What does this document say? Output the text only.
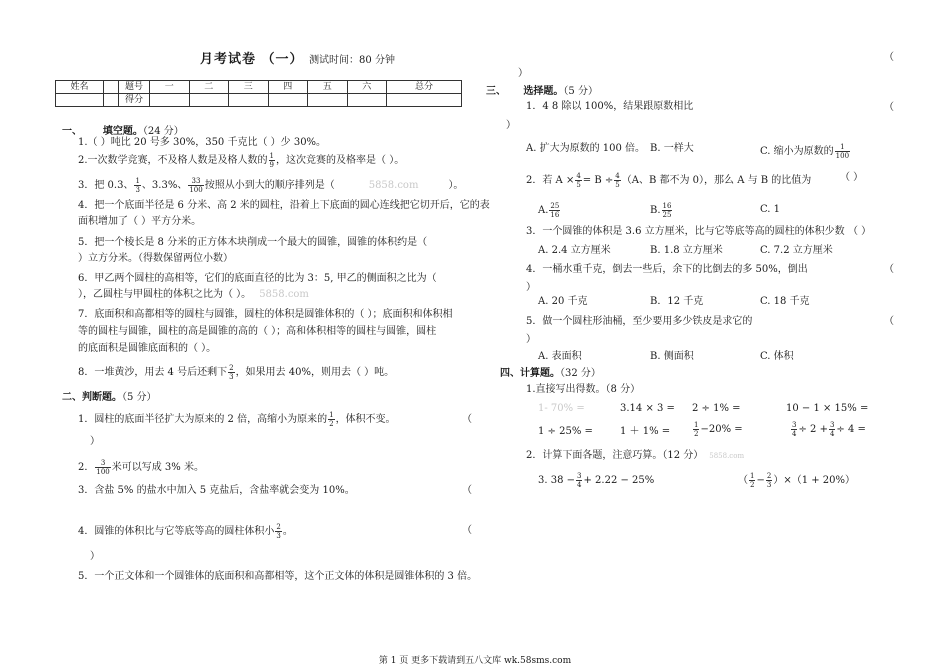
月考试卷 （一） 测试时间：80 分钟
姓名		题号	一	二	三	四	五	六	总分
		得分							
一、 填空题。（24 分）
1.（ ）吨比 20 号多 30%，350 千克比（ ）少 30%。
2.一次数学竞赛，不及格人数是及格人数的 $\frac{1}{9}$ ，这次竞赛的及格率是（ ）。
3．把 0.3、 $\frac{1}{3}$ 、3.3%、 $\frac{33}{100}$ 按照从小到大的顺序排列是（	5858.com	）。
4．把一个底面半径是 6 分米、高 2 米的圆柱，沿着上下底面的圆心连线把它切开后，它的表
面积增加了（ ）平方分米。
5．把一个棱长是 8 分米的正方体木块削成一个最大的圆锥，圆锥的体积约是（
）立方分米。（得数保留两位小数）
6．甲乙两个圆柱的高相等，它们的底面直径的比为 3：5, 甲乙的侧面积之比为（
），乙圆柱与甲圆柱的体积之比为（ ）。 5858.com
7．底面积和高都相等的圆柱与圆锥，圆柱的体积是圆锥体积的（ ）；底面积和体积相
等的圆柱与圆锥，圆柱的高是圆锥的高的（ ）；高和体积相等的圆柱与圆锥，圆柱
的底面积是圆锥底面积的（ ）。
8．一堆黄沙，用去 4 号后还剩下 $\frac{2}{3}$ ，如果用去 40%，则用去（ ）吨。
二、判断题。（5 分）
1．圆柱的底面半径扩大为原来的 2 倍，高缩小为原来的 $\frac{1}{2}$ ，体积不变。	（
）
2． $\frac{3}{100}$ 米可以写成 3% 米。
3．含盐 5% 的盐水中加入 5 克盐后，含盐率就会变为 10%。	（
4．圆锥的体积比与它等底等高的圆柱体积小 $\frac{2}{3}$ 。	（
）
5．一个正文体和一个圆锥体的底面积和高都相等，这个正文体的体积是圆锥体积的 3 倍。
（
）
三、 选择题。（5 分）
1．4 8 除以 100%，结果跟原数相比	（
）
A. 扩大为原数的 100 倍。 B. 一样大	C. 缩小为原数的 $\frac{1}{100}$
2．若 $A \times \frac{4}{5} = B \div \frac{4}{5} (A$、B 都不为 0），那么 A 与 B 的比值为	（ ）
A. $\frac{25}{16}$	B. $\frac{16}{25}$	C. 1
3．一个圆锥的体积是 3.6 立方厘米，比与它等底等高的圆柱的体积少数 （ ）
A. 2.4 立方厘米	B. 1.8 立方厘米	C. 7.2 立方厘米
4．一桶水重千克，倒去一些后，余下的比倒去的多 50%，倒出	（
）
A. 20 千克	B．12 千克	C. 18 千克
5．做一个圆柱形油桶，至少要用多少铁皮是求它的	（
）
A. 表面积	B. 侧面积	C. 体积
四、计算题。（32 分）
1.直接写出得数。（8 分）
1- 70% =	3.14 × 3 = 2 ÷ 1% =	10 − 1 × 15% =
1 ÷ 25% =	1 ＋ 1% =	$\frac{1}{2} -20\%$ =	$\frac{3}{4} \div 2 + \frac{3}{4} \div 4$ =
2．计算下面各题，注意巧算。（12 分） 5858.com
3. $38 - \frac{3}{4} + 2.22 - 25\%$	（ $\frac{1}{2} - \frac{2}{3} )\times(1 + 20\%)$
第 1 页 更多下载请到五八文库 wk.58sms.com
